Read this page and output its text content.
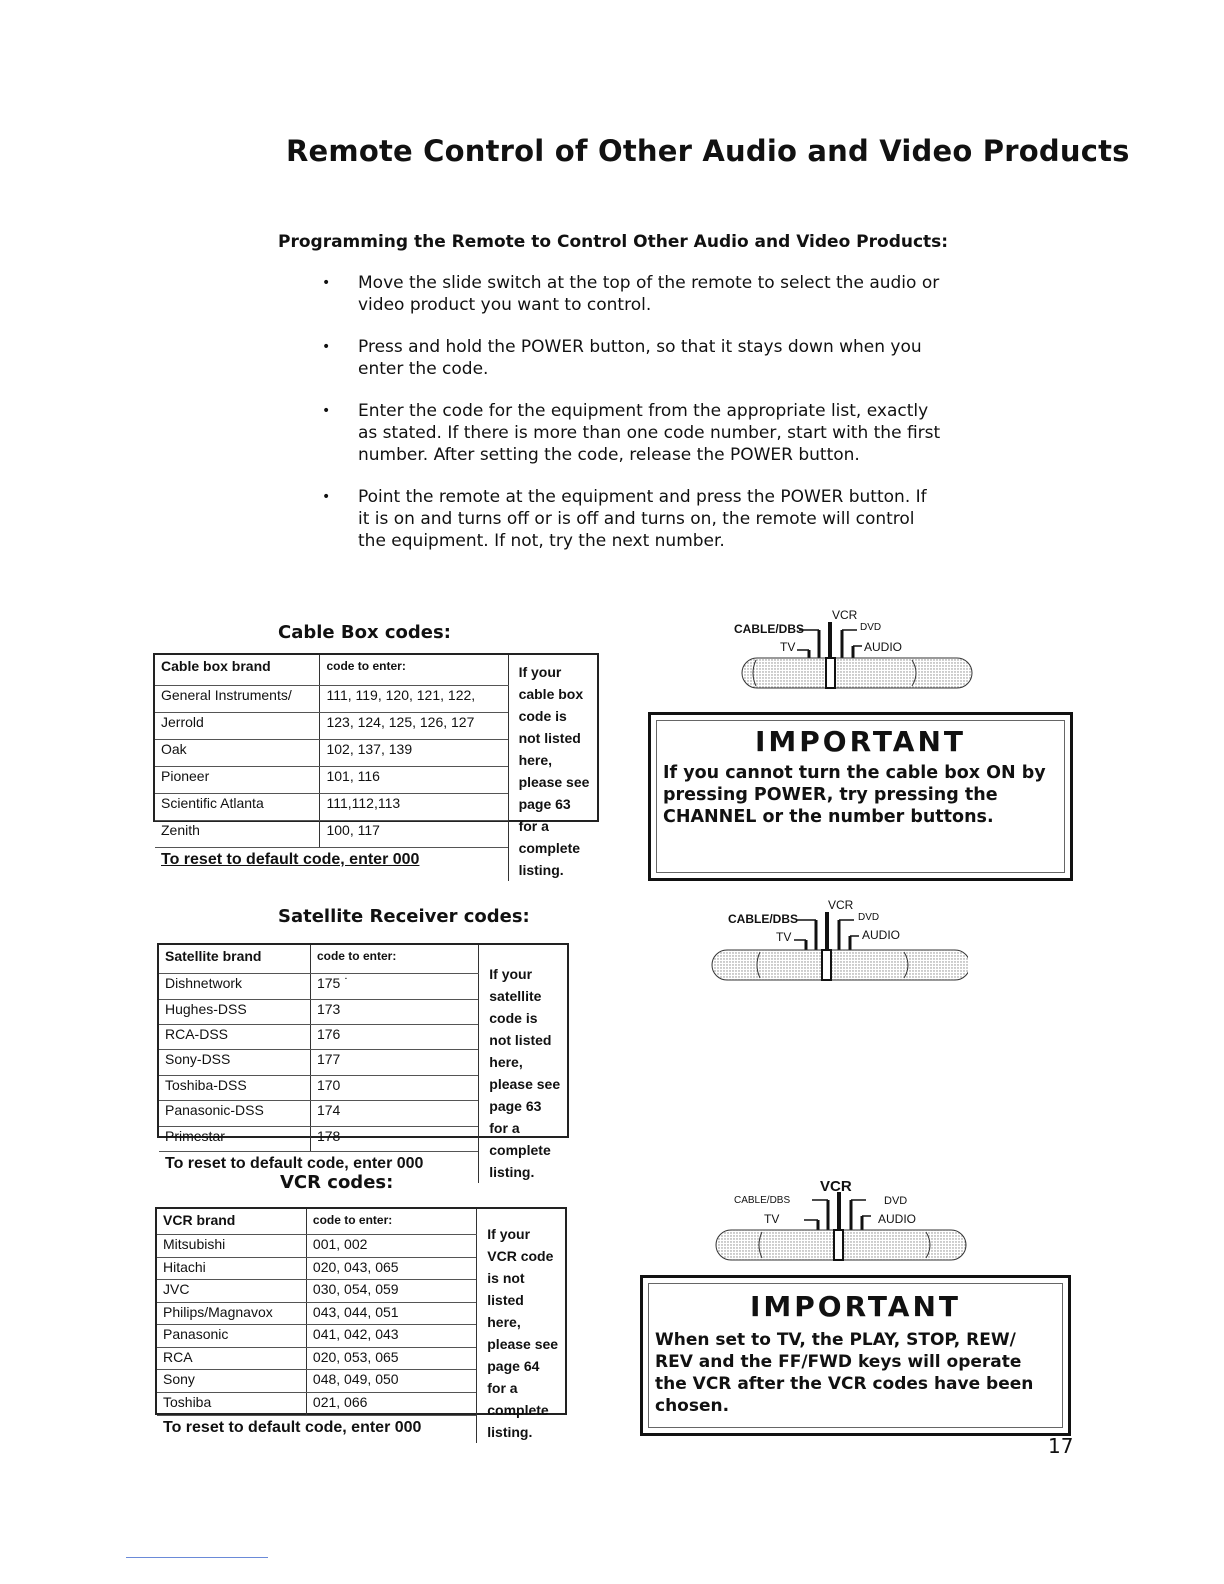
Remote Control of Other Audio and Video Products
Programming the Remote to Control Other Audio and Video Products:
• Move the slide switch at the top of the remote to select the audio or video product you want to control.
• Press and hold the POWER button, so that it stays down when you enter the code.
• Enter the code for the equipment from the appropriate list, exactly as stated. If there is more than one code number, start with the first number. After setting the code, release the POWER button.
• Point the remote at the equipment and press the POWER button. If it is on and turns off or is off and turns on, the remote will control the equipment. If not, try the next number.
Cable Box codes:
Cable box brand	code to enter:	If your cable box code is not listed here, please see page 63 for a complete listing.
General Instruments/	111, 119, 120, 121, 122,	
Jerrold	123, 124, 125, 126, 127	
Oak	102, 137, 139	
Pioneer	101, 116	
Scientific Atlanta	111,112,113	
Zenith	100, 117	
To reset to default code, enter 000		
Satellite Receiver codes:
Satellite brand	code to enter:	If your satellite code is not listed here, please see page 63 for a complete listing.
Dishnetwork	175 ˙	
Hughes-DSS	173	
RCA-DSS	176	
Sony-DSS	177	
Toshiba-DSS	170	
Panasonic-DSS	174	
Primestar	178	
To reset to default code, enter 000		
VCR codes:
VCR brand	code to enter:	If your VCR code is not listed here, please see page 64 for a complete listing.
Mitsubishi	001, 002	
Hitachi	020, 043, 065	
JVC	030, 054, 059	
Philips/Magnavox	043, 044, 051	
Panasonic	041, 042, 043	
RCA	020, 053, 065	
Sony	048, 049, 050	
Toshiba	021, 066	
To reset to default code, enter 000		
VCR
CABLE/DBS
TV
DVD
AUDIO
IMPORTANT
If you cannot turn the cable box ON by pressing POWER, try pressing the CHANNEL or the number buttons.
VCR
CABLE/DBS
TV
DVD
AUDIO
VCR
CABLE/DBS
TV
DVD
AUDIO
IMPORTANT
When set to TV, the PLAY, STOP, REW/ REV and the FF/FWD keys will operate the VCR after the VCR codes have been chosen.
17
